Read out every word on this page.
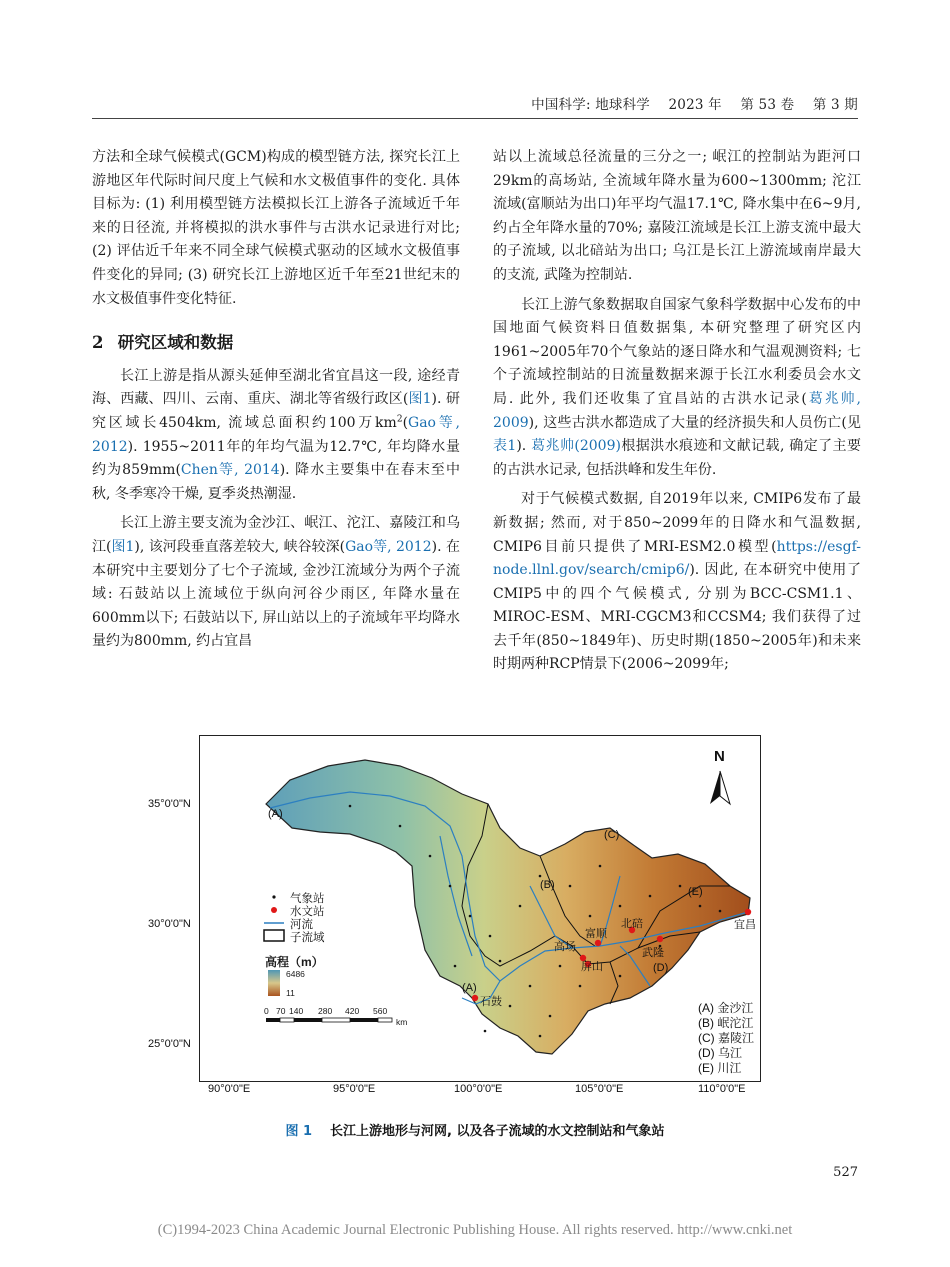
中国科学: 地球科学 2023 年 第 53 卷 第 3 期

方法和全球气候模式(GCM)构成的模型链方法, 探究长江上游地区年代际时间尺度上气候和水文极值事件的变化. 具体目标为: (1) 利用模型链方法模拟长江上游各子流域近千年来的日径流, 并将模拟的洪水事件与古洪水记录进行对比; (2) 评估近千年来不同全球气候模式驱动的区域水文极值事件变化的异同; (3) 研究长江上游地区近千年至21世纪末的水文极值事件变化特征.

2 研究区域和数据

长江上游是指从源头延伸至湖北省宜昌这一段, 途经青海、西藏、四川、云南、重庆、湖北等省级行政区(图1). 研究区域长4504km, 流域总面积约100万$km^2(Gao$等, 2012). 1955~2011年的年均气温为12.7℃, 年均降水量约为859mm(Chen等, 2014). 降水主要集中在春末至中秋, 冬季寒冷干燥, 夏季炎热潮湿.

长江上游主要支流为金沙江、岷江、沱江、嘉陵江和乌江(图1), 该河段垂直落差较大, 峡谷较深(Gao等, 2012). 在本研究中主要划分了七个子流域, 金沙江流域分为两个子流域: 石鼓站以上流域位于纵向河谷少雨区, 年降水量在600mm以下; 石鼓站以下, 屏山站以上的子流域年平均降水量约为800mm, 约占宜昌

站以上流域总径流量的三分之一; 岷江的控制站为距河口29km的高场站, 全流域年降水量为600~1300mm; 沱江流域(富顺站为出口)年平均气温17.1℃, 降水集中在6~9月, 约占全年降水量的70%; 嘉陵江流域是长江上游支流中最大的子流域, 以北碚站为出口; 乌江是长江上游流域南岸最大的支流, 武隆为控制站.

长江上游气象数据取自国家气象科学数据中心发布的中国地面气候资料日值数据集, 本研究整理了研究区内1961~2005年70个气象站的逐日降水和气温观测资料; 七个子流域控制站的日流量数据来源于长江水利委员会水文局. 此外, 我们还收集了宜昌站的古洪水记录(葛兆帅, 2009), 这些古洪水都造成了大量的经济损失和人员伤亡(见表1). 葛兆帅(2009)根据洪水痕迹和文献记载, 确定了主要的古洪水记录, 包括洪峰和发生年份.

对于气候模式数据, 自2019年以来, CMIP6发布了最新数据; 然而, 对于850~2099年的日降水和气温数据, CMIP6目前只提供了MRI-ESM2.0模型(https://esgf-node.llnl.gov/search/cmip6/). 因此, 在本研究中使用了CMIP5中的四个气候模式, 分别为BCC-CSM1.1、MIROC-ESM、MRI-CGCM3和CCSM4; 我们获得了过去千年(850~1849年)、历史时期(1850~2005年)和未来时期两种RCP情景下(2006~2099年;

35°0'0"N
30°0'0"N
25°0'0"N
N
气象站
水文站
河流
子流域
高程（m）
6486
11
0 70 140 280 420 560
km
(A)
(A)
(B)
(C)
(D)
(E)
石鼓
高场
富顺
北碚
屏山
武隆
宜昌
(A) 金沙江
(B) 岷沱江
(C) 嘉陵江
(D) 乌江
(E) 川江
90°0'0"E	95°0'0"E	100°0'0"E	105°0'0"E	110°0'0"E
图 1 长江上游地形与河网, 以及各子流域的水文控制站和气象站
527
(C)1994-2023 China Academic Journal Electronic Publishing House. All rights reserved. http://www.cnki.net
